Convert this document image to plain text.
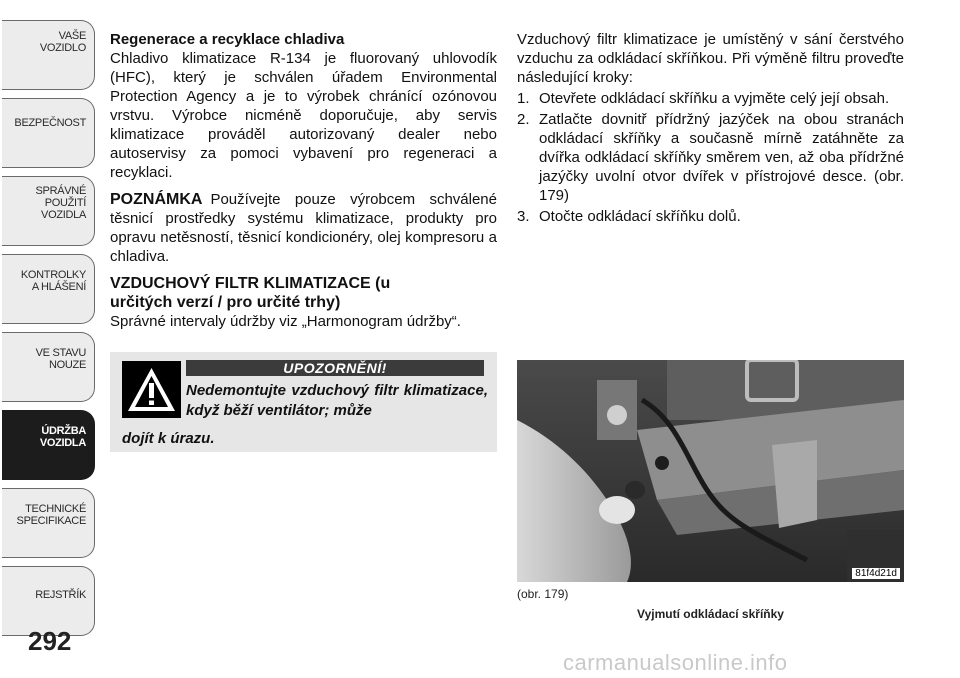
VAŠE
VOZIDLO
BEZPEČNOST
SPRÁVNÉ
POUŽITÍ
VOZIDLA
KONTROLKY
A HLÁŠENÍ
VE STAVU
NOUZE
ÚDRŽBA
VOZIDLA
TECHNICKÉ
SPECIFIKACE
REJSTŘÍK
292

Regenerace a recyklace chladiva

Chladivo klimatizace R-134 je fluorovaný uhlovodík (HFC), který je schválen úřadem Environmental Protection Agency a je to výrobek chránící ozónovou vrstvu. Výrobce nicméně doporučuje, aby servis klimatizace prováděl autorizovaný dealer nebo autoservisy za pomoci vybavení pro regeneraci a recyklaci.

POZNÁMKA Používejte pouze výrobcem schválené těsnicí prostředky systému klimatizace, produkty pro opravu netěsností, těsnicí kondicionéry, olej kompresoru a chladiva.

VZDUCHOVÝ FILTR KLIMATIZACE (u
určitých verzí / pro určité trhy)

Správné intervaly údržby viz „Harmonogram údržby“.

UPOZORNĚNÍ!
Nedemontujte vzduchový filtr klimatizace, když běží ventilátor; může
dojít k úrazu.

Vzduchový filtr klimatizace je umístěný v sání čerstvého vzduchu za odkládací skříňkou. Při výměně filtru proveďte následující kroky:

1. Otevřete odkládací skříňku a vyjměte celý její obsah.
2. Zatlačte dovnitř přídržný jazýček na obou stranách odkládací skříňky a současně mírně zatáhněte za dvířka odkládací skříňky směrem ven, až oba přídržné jazýčky uvolní otvor dvířek v přístrojové desce. (obr. 179)
3. Otočte odkládací skříňku dolů.
81f4d21d
(obr. 179)
Vyjmutí odkládací skříňky
carmanualsonline.info
